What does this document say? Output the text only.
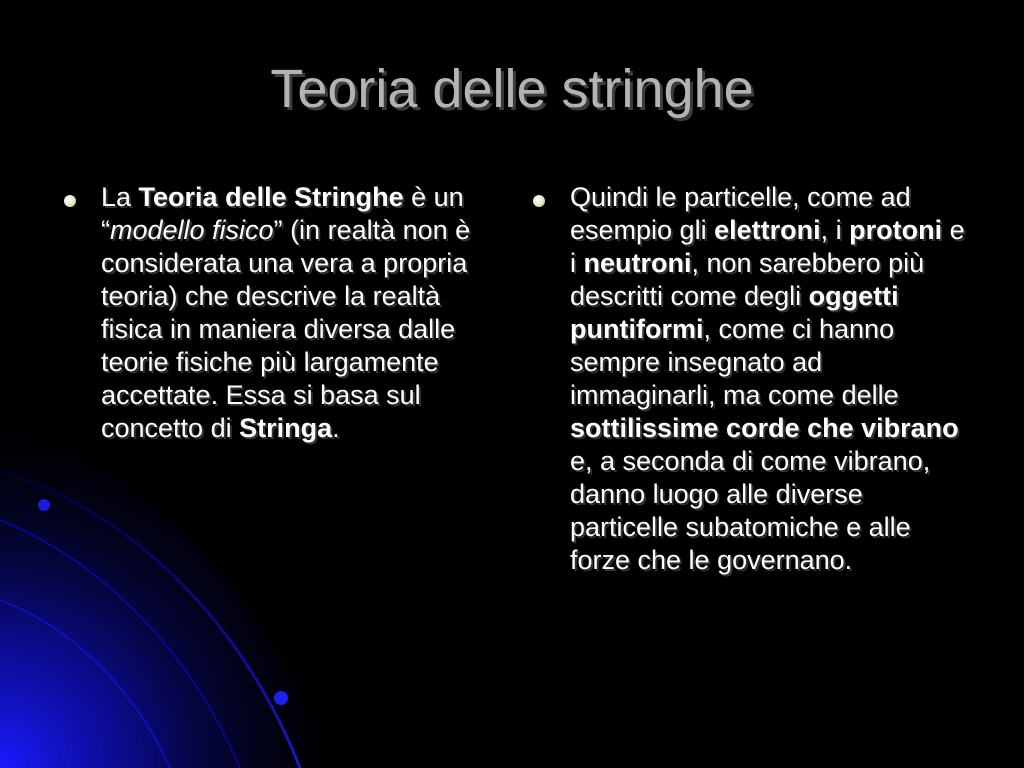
Teoria delle stringhe

La Teoria delle Stringhe è un “modello fisico” (in realtà non è considerata una vera a propria teoria) che descrive la realtà fisica in maniera diversa dalle teorie fisiche più largamente accettate. Essa si basa sul concetto di Stringa.

Quindi le particelle, come ad esempio gli elettroni, i protoni e i neutroni, non sarebbero più descritti come degli oggetti puntiformi, come ci hanno sempre insegnato ad immaginarli, ma come delle sottilissime corde che vibrano e, a seconda di come vibrano, danno luogo alle diverse particelle subatomiche e alle forze che le governano.
